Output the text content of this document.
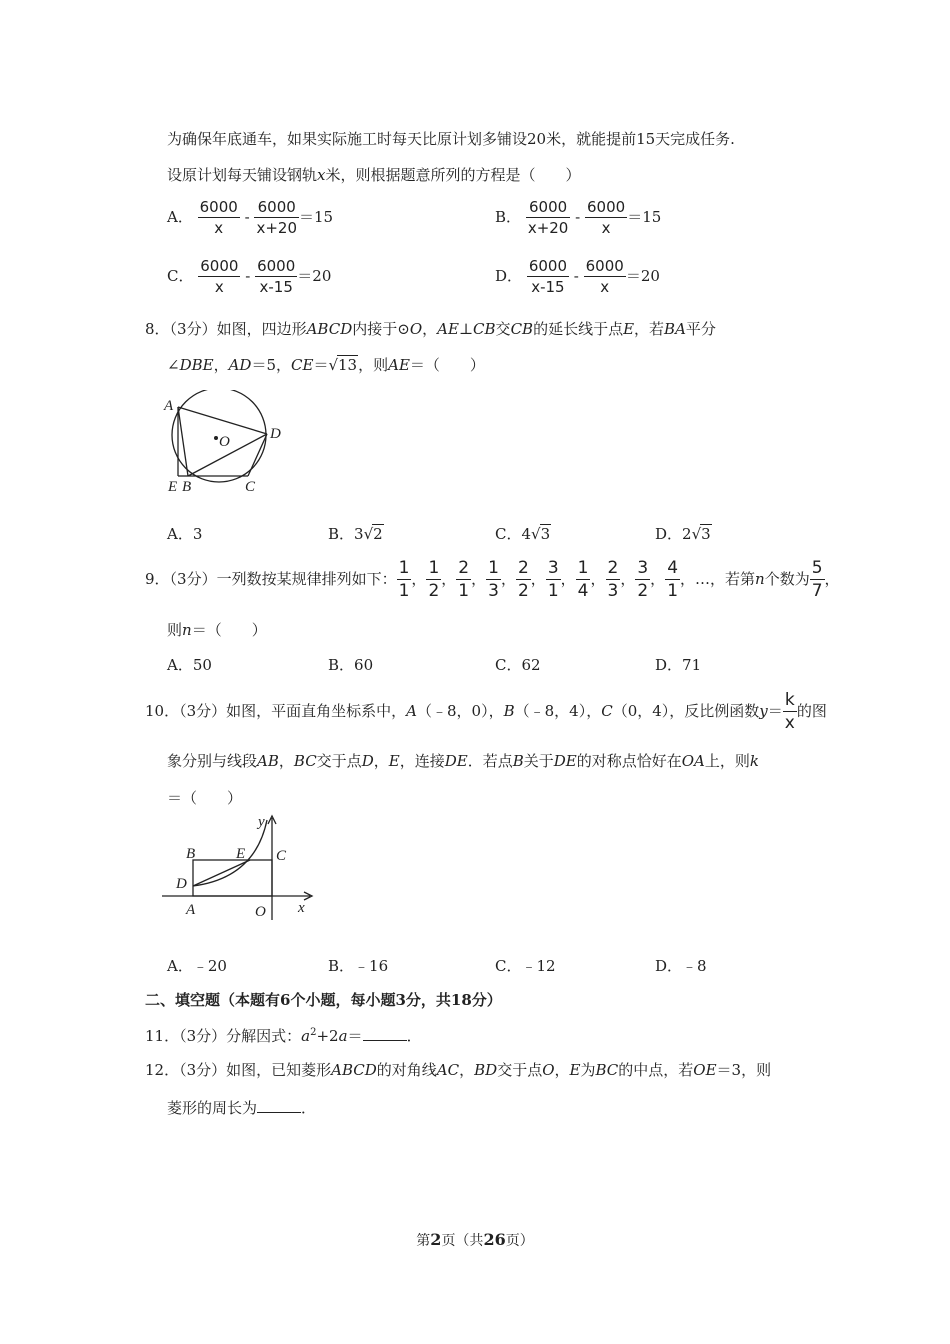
为确保年底通车，如果实际施工时每天比原计划多铺设20米，就能提前15天完成任务.
设原计划每天铺设钢轨x米，则根据题意所列的方程是（　　）
A． $\frac{6000}{x} - \frac{6000}{x+20} =15$	B． $\frac{6000}{x+20} - \frac{6000}{x} =15$
C． $\frac{6000}{x} - \frac{6000}{x-15} =20$	D． $\frac{6000}{x-15} - \frac{6000}{x} =20$
8．（3分）如图，四边形ABCD内接于⊙O，AE⊥CB交CB的延长线于点E，若BA平分
∠DBE，AD＝5，CE＝√13，则AE＝（　　）
A
O	D
E B	C
A．3	B．3√2	C．4√3	D．2√3
9．（3分）一列数按某规律排列如下： $\frac{1}{1}$ ， $\frac{1}{2}$ ， $\frac{2}{1}$ ， $\frac{1}{3}$ ， $\frac{2}{2}$ ， $\frac{3}{1}$ ， $\frac{1}{4}$ ， $\frac{2}{3}$ ， $\frac{3}{2}$ ， $\frac{4}{1}$ ，…，若第n个数为 $\frac{5}{7}$ ，
则n＝（　　）
A．50	B．60	C．62	D．71
10．（3分）如图，平面直角坐标系中，A（﹣8，0），B（﹣8，4），C（0，4），反比例函数$y= \frac{k}{x}$ 的图
象分别与线段AB，BC交于点D，E，连接DE．若点B关于DE的对称点恰好在OA上，则k
＝（　　）
y
B	E C
D
A	O x
A．﹣20	B．﹣16	C．﹣12	D．﹣8
二、填空题（本题有6个小题，每小题3分，共18分）
11．（3分）分解因式：$a^2+2a=$	．
12．（3分）如图，已知菱形ABCD的对角线AC，BD交于点O，E为BC的中点，若OE＝3，则
菱形的周长为	．
第2页（共26页）
